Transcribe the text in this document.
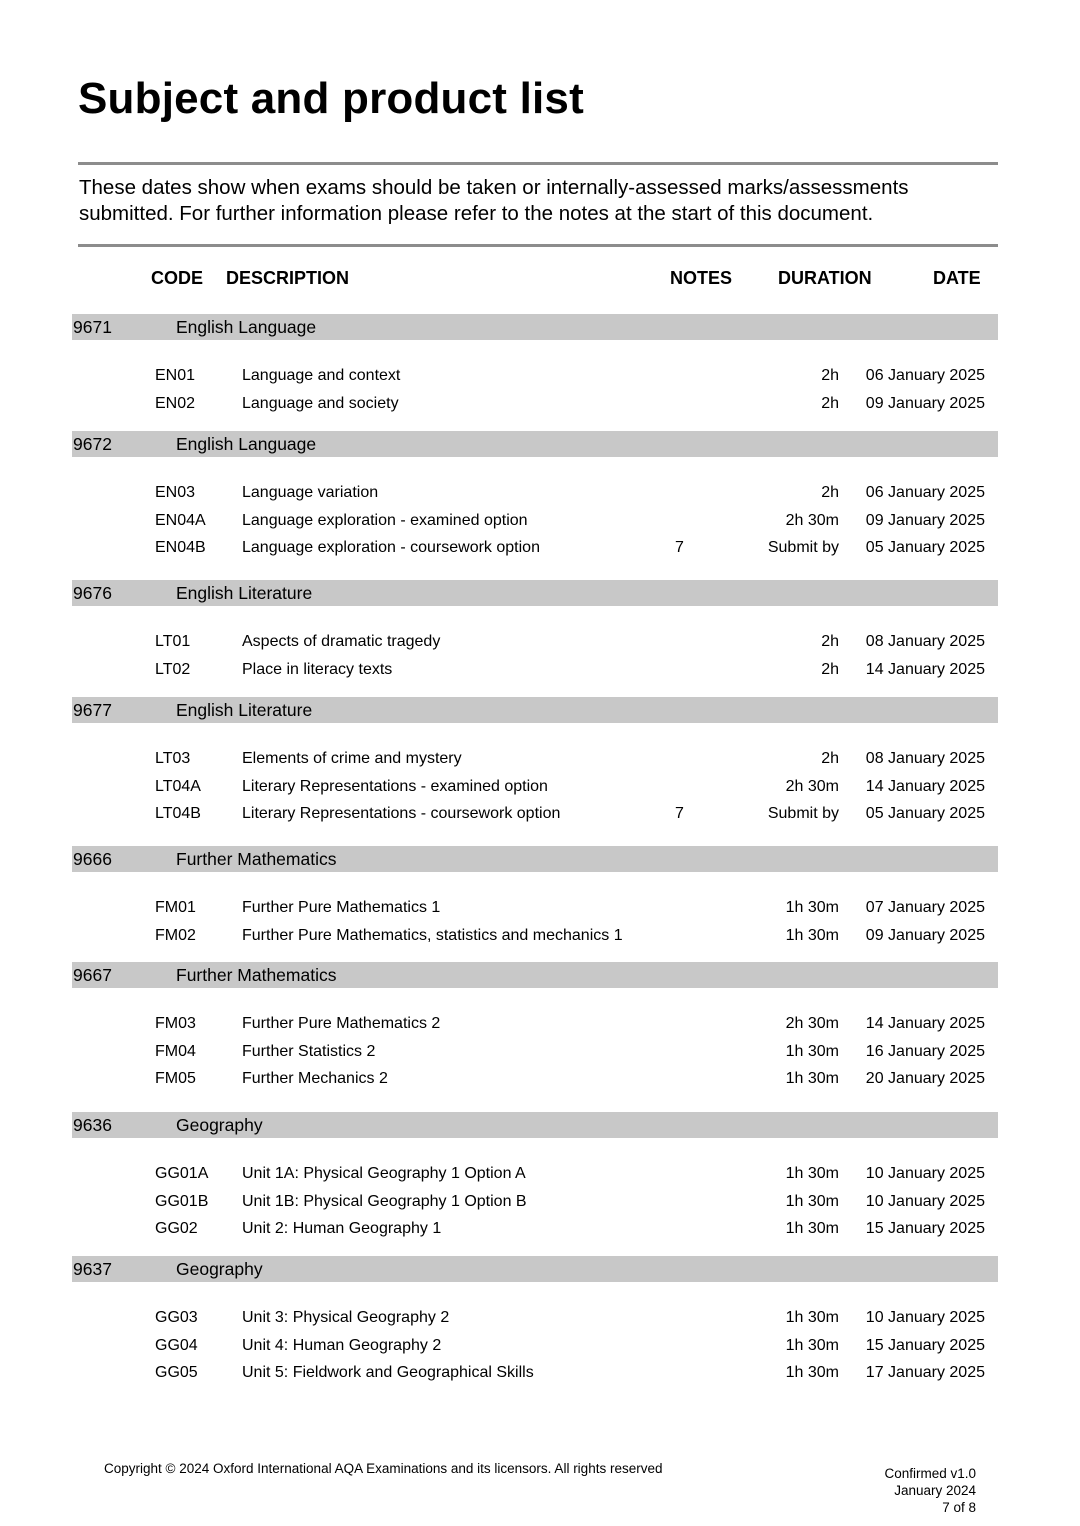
Subject and product list

These dates show when exams should be taken or internally-assessed marks/assessments

submitted. For further information please refer to the notes at the start of this document.

CODE DESCRIPTION	NOTES	DURATION	DATE
9671	English Language
EN01	Language and context	2h 06 January 2025
EN02	Language and society	2h 09 January 2025
9672	English Language
EN03	Language variation	2h 06 January 2025
EN04A Language exploration - examined option	2h 30m 09 January 2025
EN04B Language exploration - coursework option	7	Submit by 05 January 2025
9676	English Literature
LT01	Aspects of dramatic tragedy	2h 08 January 2025
LT02	Place in literacy texts	2h 14 January 2025
9677	English Literature
LT03	Elements of crime and mystery	2h 08 January 2025
LT04A	Literary Representations - examined option	2h 30m 14 January 2025
LT04B	Literary Representations - coursework option	7	Submit by 05 January 2025
9666	Further Mathematics
FM01	Further Pure Mathematics 1	1h 30m 07 January 2025
FM02	Further Pure Mathematics, statistics and mechanics 1	1h 30m 09 January 2025
9667	Further Mathematics
FM03	Further Pure Mathematics 2	2h 30m 14 January 2025
FM04	Further Statistics 2	1h 30m 16 January 2025
FM05	Further Mechanics 2	1h 30m 20 January 2025
9636	Geography
GG01A Unit 1A: Physical Geography 1 Option A	1h 30m 10 January 2025
GG01B Unit 1B: Physical Geography 1 Option B	1h 30m 10 January 2025
GG02	Unit 2: Human Geography 1	1h 30m 15 January 2025
9637	Geography
GG03	Unit 3: Physical Geography 2	1h 30m 10 January 2025
GG04	Unit 4: Human Geography 2	1h 30m 15 January 2025
GG05	Unit 5: Fieldwork and Geographical Skills	1h 30m 17 January 2025
Copyright © 2024 Oxford International AQA Examinations and its licensors. All rights reserved	Confirmed v1.0
January 2024
7 of 8
